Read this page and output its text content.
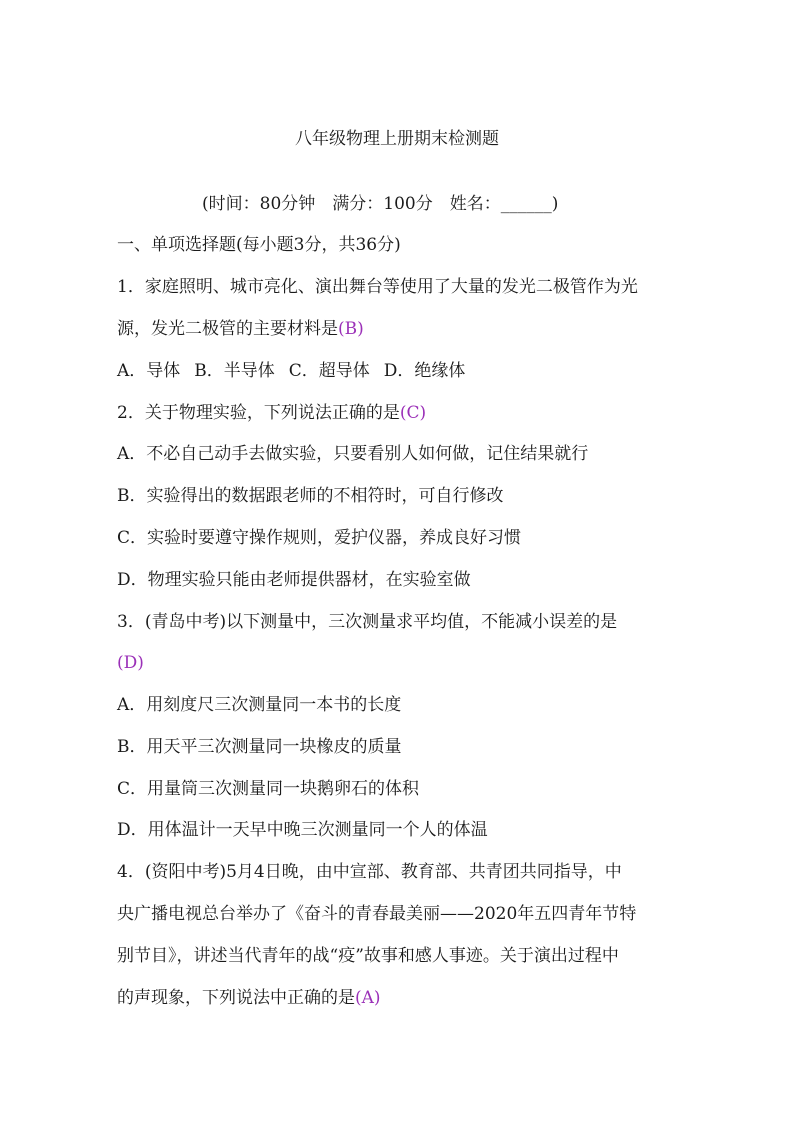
八年级物理上册期末检测题
(时间：80分钟　满分：100分　姓名：______)
一、单项选择题(每小题3分，共36分)
1．家庭照明、城市亮化、演出舞台等使用了大量的发光二极管作为光
源，发光二极管的主要材料是(B)
A．导体 B．半导体 C．超导体 D．绝缘体
2．关于物理实验，下列说法正确的是(C)
A．不必自己动手去做实验，只要看别人如何做，记住结果就行
B．实验得出的数据跟老师的不相符时，可自行修改
C．实验时要遵守操作规则，爱护仪器，养成良好习惯
D．物理实验只能由老师提供器材，在实验室做
3．(青岛中考)以下测量中，三次测量求平均值，不能减小误差的是
(D)
A．用刻度尺三次测量同一本书的长度
B．用天平三次测量同一块橡皮的质量
C．用量筒三次测量同一块鹅卵石的体积
D．用体温计一天早中晚三次测量同一个人的体温
4．(资阳中考)5月4日晚，由中宣部、教育部、共青团共同指导，中
央广播电视总台举办了《奋斗的青春最美丽——2020年五四青年节特
别节目》，讲述当代青年的战“疫”故事和感人事迹。关于演出过程中
的声现象，下列说法中正确的是(A)
